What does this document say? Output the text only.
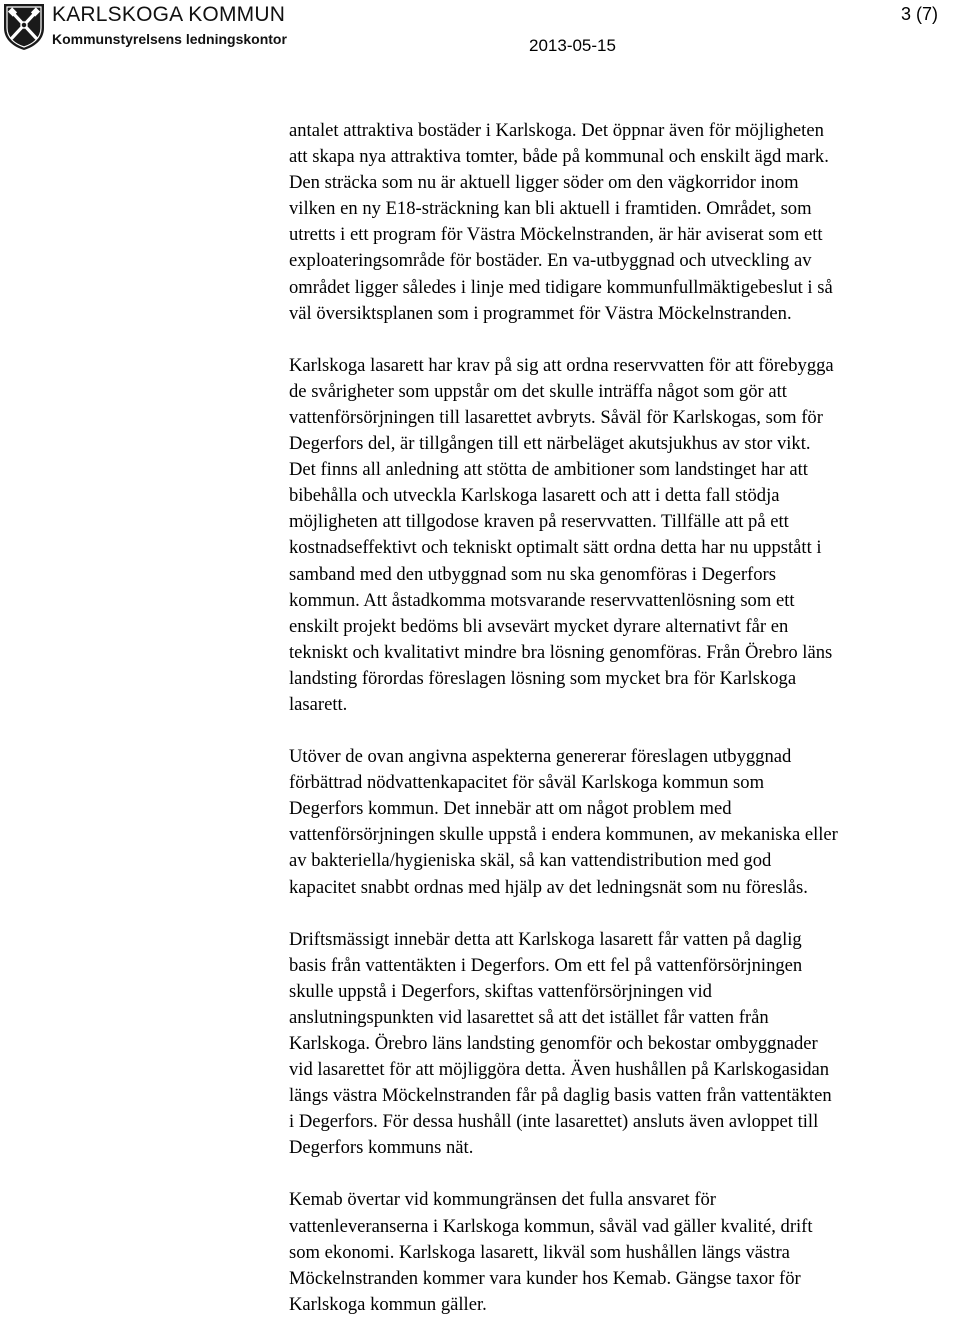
KARLSKOGA KOMMUN
Kommunstyrelsens ledningskontor	2013-05-15
3 (7)

antalet attraktiva bostäder i Karlskoga. Det öppnar även för möjligheten
att skapa nya attraktiva tomter, både på kommunal och enskilt ägd mark.
Den sträcka som nu är aktuell ligger söder om den vägkorridor inom
vilken en ny E18-sträckning kan bli aktuell i framtiden. Området, som
utretts i ett program för Västra Möckelnstranden, är här aviserat som ett
exploateringsområde för bostäder. En va-utbyggnad och utveckling av
området ligger således i linje med tidigare kommunfullmäktigebeslut i så
väl översiktsplanen som i programmet för Västra Möckelnstranden.

Karlskoga lasarett har krav på sig att ordna reservvatten för att förebygga
de svårigheter som uppstår om det skulle inträffa något som gör att
vattenförsörjningen till lasarettet avbryts. Såväl för Karlskogas, som för
Degerfors del, är tillgången till ett närbeläget akutsjukhus av stor vikt.
Det finns all anledning att stötta de ambitioner som landstinget har att
bibehålla och utveckla Karlskoga lasarett och att i detta fall stödja
möjligheten att tillgodose kraven på reservvatten. Tillfälle att på ett
kostnadseffektivt och tekniskt optimalt sätt ordna detta har nu uppstått i
samband med den utbyggnad som nu ska genomföras i Degerfors
kommun. Att åstadkomma motsvarande reservvattenlösning som ett
enskilt projekt bedöms bli avsevärt mycket dyrare alternativt får en
tekniskt och kvalitativt mindre bra lösning genomföras. Från Örebro läns
landsting förordas föreslagen lösning som mycket bra för Karlskoga
lasarett.

Utöver de ovan angivna aspekterna genererar föreslagen utbyggnad
förbättrad nödvattenkapacitet för såväl Karlskoga kommun som
Degerfors kommun. Det innebär att om något problem med
vattenförsörjningen skulle uppstå i endera kommunen, av mekaniska eller
av bakteriella/hygieniska skäl, så kan vattendistribution med god
kapacitet snabbt ordnas med hjälp av det ledningsnät som nu föreslås.

Driftsmässigt innebär detta att Karlskoga lasarett får vatten på daglig
basis från vattentäkten i Degerfors. Om ett fel på vattenförsörjningen
skulle uppstå i Degerfors, skiftas vattenförsörjningen vid
anslutningspunkten vid lasarettet så att det istället får vatten från
Karlskoga. Örebro läns landsting genomför och bekostar ombyggnader
vid lasarettet för att möjliggöra detta. Även hushållen på Karlskogasidan
längs västra Möckelnstranden får på daglig basis vatten från vattentäkten
i Degerfors. För dessa hushåll (inte lasarettet) ansluts även avloppet till
Degerfors kommuns nät.

Kemab övertar vid kommungränsen det fulla ansvaret för
vattenleveranserna i Karlskoga kommun, såväl vad gäller kvalité, drift
som ekonomi. Karlskoga lasarett, likväl som hushållen längs västra
Möckelnstranden kommer vara kunder hos Kemab. Gängse taxor för
Karlskoga kommun gäller.
